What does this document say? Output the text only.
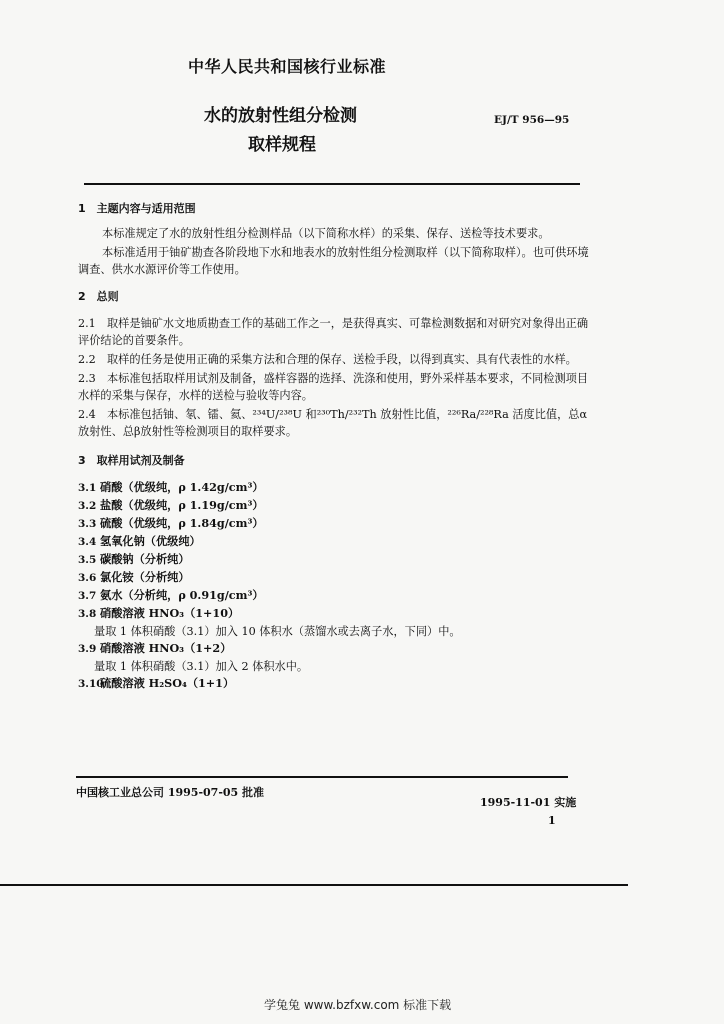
中华人民共和国核行业标准
水的放射性组分检测
取样规程
EJ/T 956—95

1　主题内容与适用范围

本标准规定了水的放射性组分检测样品（以下简称水样）的采集、保存、送检等技术要求。

本标准适用于铀矿勘查各阶段地下水和地表水的放射性组分检测取样（以下简称取样）。也可供环境调查、供水水源评价等工作使用。

2　总则

2.1　取样是铀矿水文地质勘查工作的基础工作之一，是获得真实、可靠检测数据和对研究对象得出正确评价结论的首要条件。

2.2　取样的任务是使用正确的采集方法和合理的保存、送检手段，以得到真实、具有代表性的水样。

2.3　本标准包括取样用试剂及制备，盛样容器的选择、洗涤和使用，野外采样基本要求，不同检测项目水样的采集与保存，水样的送检与验收等内容。

2.4　本标准包括铀、氡、镭、氦、²³⁴U/²³⁸U 和²³⁰Th/²³²Th 放射性比值，²²⁶Ra/²²⁸Ra 活度比值，总α放射性、总β放射性等检测项目的取样要求。

3　取样用试剂及制备

3.1 硝酸（优级纯，ρ 1.42g/cm³）
3.2 盐酸（优级纯，ρ 1.19g/cm³）
3.3 硫酸（优级纯，ρ 1.84g/cm³）
3.4 氢氧化钠（优级纯）
3.5 碳酸钠（分析纯）
3.6 氯化铵（分析纯）
3.7 氨水（分析纯，ρ 0.91g/cm³）
3.8 硝酸溶液 HNO₃（1+10）
量取 1 体积硝酸（3.1）加入 10 体积水（蒸馏水或去离子水，下同）中。
3.9 硝酸溶液 HNO₃（1+2）
量取 1 体积硝酸（3.1）加入 2 体积水中。
3.10硫酸溶液 H₂SO₄（1+1）
中国核工业总公司 1995-07-05 批准
1995-11-01 实施
1
学兔兔 www.bzfxw.com 标准下载
